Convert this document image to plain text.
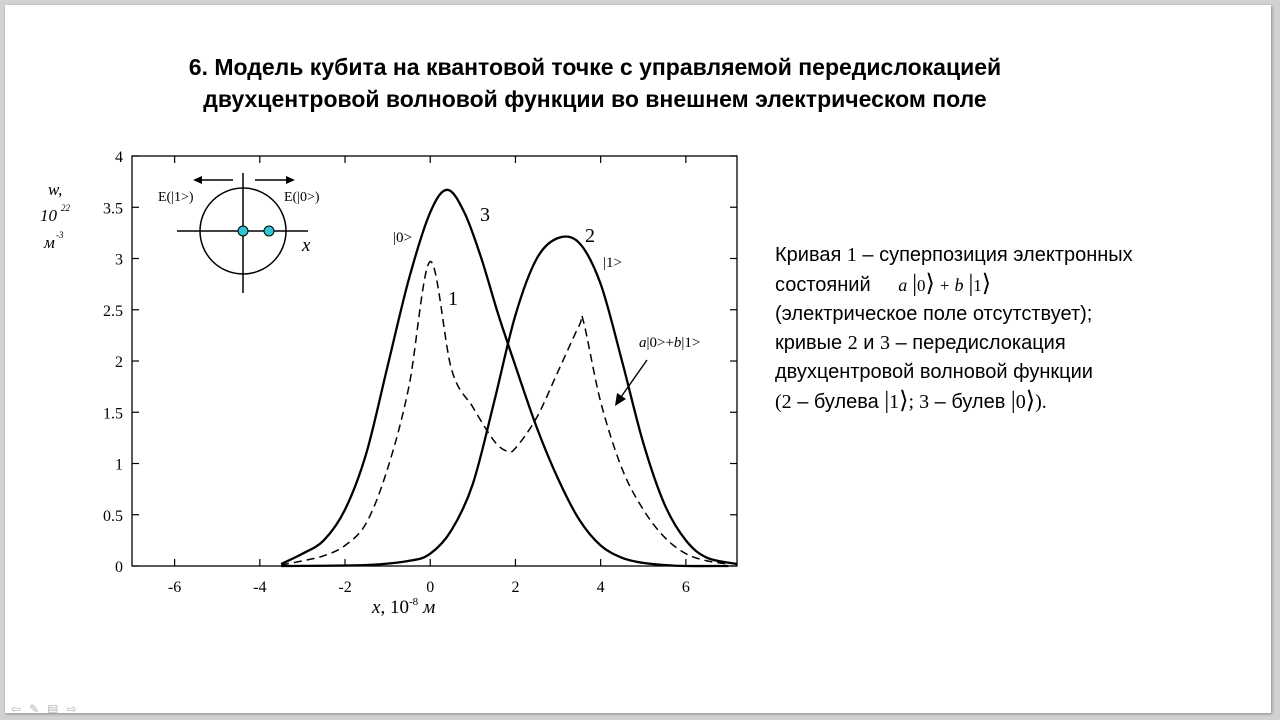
6. Модель кубита на квантовой точке с управляемой передислокацией
двухцентровой волновой функции во внешнем электрическом поле
-6	-4	-2	0	2	4	6
0
0.5
1
1.5
2
2.5
3
3.5
4
w,
10 22
м -3
x, $10^{-8}$ м
3
2
1
|0>
|1>
a|0>+b|1>
E(|1>)	E(|0>)
x	Кривая 1 – суперпозиция электронных
состояний a |0⟩ + b |1⟩
(электрическое поле отсутствует);
кривые 2 и 3 – передислокация
двухцентровой волновой функции
(2 – булева |1⟩; 3 – булев |0⟩).
⇦ ✎ ▤ ⇨
